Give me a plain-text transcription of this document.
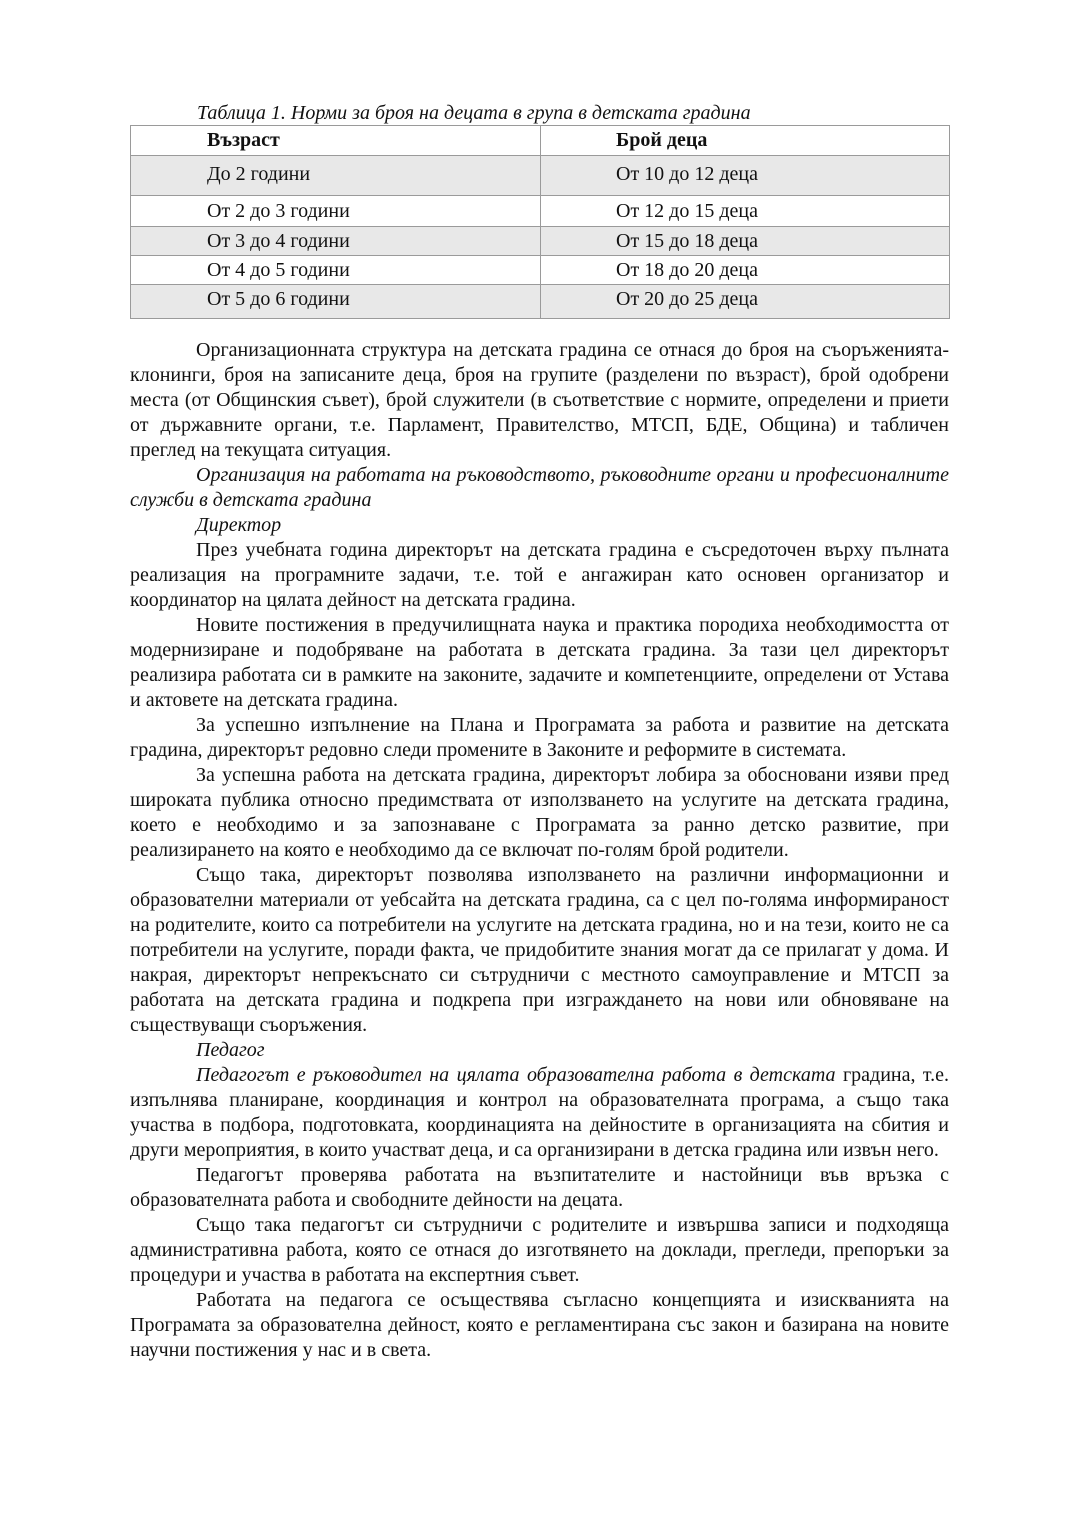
Таблица 1. Норми за броя на децата в група в детската градина
Възраст	Брой деца
До 2 години	От 10 до 12 деца
От 2 до 3 години	От 12 до 15 деца
От 3 до 4 години	От 15 до 18 деца
От 4 до 5 години	От 18 до 20 деца
От 5 до 6 години	От 20 до 25 деца

Организационната структура на детската градина се отнася до броя на съоръженията-клонинги, броя на записаните деца, броя на групите (разделени по възраст), брой одобрени места (от Общинския съвет), брой служители (в съответствие с нормите, определени и приети от държавните органи, т.е. Парламент, Правителство, МТСП, БДЕ, Община) и табличен преглед на текущата ситуация.

Организация на работата на ръководството, ръководните органи и професионалните служби в детската градина

Директор

През учебната година директорът на детската градина е съсредоточен върху пълната реализация на програмните задачи, т.е. той е ангажиран като основен организатор и координатор на цялата дейност на детската градина.

Новите постижения в предучилищната наука и практика породиха необходимостта от модернизиране и подобряване на работата в детската градина. За тази цел директорът реализира работата си в рамките на законите, задачите и компетенциите, определени от Устава и актовете на детската градина.

За успешно изпълнение на Плана и Програмата за работа и развитие на детската градина, директорът редовно следи промените в Законите и реформите в системата.

За успешна работа на детската градина, директорът лобира за обосновани изяви пред широката публика относно предимствата от използването на услугите на детската градина, което е необходимо и за запознаване с Програмата за ранно детско развитие, при реализирането на която е необходимо да се включат по-голям брой родители.

Също така, директорът позволява използването на различни информационни и образователни материали от уебсайта на детската градина, са с цел по-голяма информираност на родителите, които са потребители на услугите на детската градина, но и на тези, които не са потребители на услугите, поради факта, че придобитите знания могат да се прилагат у дома. И накрая, директорът непрекъснато си сътрудничи с местното самоуправление и МТСП за работата на детската градина и подкрепа при изграждането на нови или обновяване на съществуващи съоръжения.

Педагог

Педагогът е ръководител на цялата образователна работа в детската градина, т.е. изпълнява планиране, координация и контрол на образователната програма, а също така участва в подбора, подготовката, координацията на дейностите в организацията на сбития и други мероприятия, в които участват деца, и са организирани в детска градина или извън него.

Педагогът проверява работата на възпитателите и настойници във връзка с образователната работа и свободните дейности на децата.

Също така педагогът си сътрудничи с родителите и извършва записи и подходяща административна работа, която се отнася до изготвянето на доклади, прегледи, препоръки за процедури и участва в работата на експертния съвет.

Работата на педагога се осъществява съгласно концепцията и изискванията на Програмата за образователна дейност, която е регламентирана със закон и базирана на новите научни постижения у нас и в света.
